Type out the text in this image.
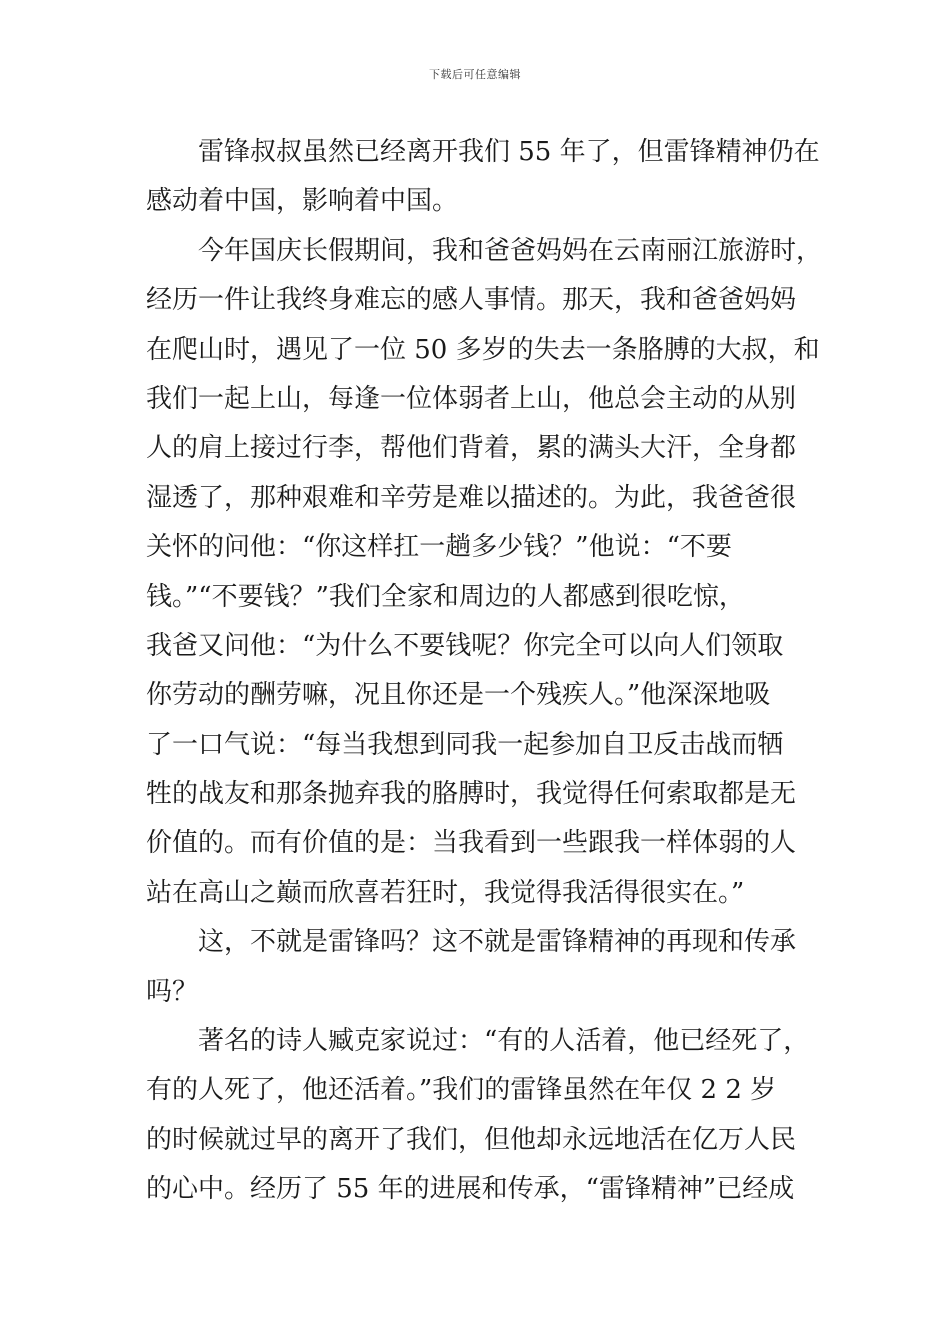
下载后可任意编辑
雷锋叔叔虽然已经离开我们 55 年了，但雷锋精神仍在
感动着中国，影响着中国。
今年国庆长假期间，我和爸爸妈妈在云南丽江旅游时，
经历一件让我终身难忘的感人事情。那天，我和爸爸妈妈
在爬山时，遇见了一位 50 多岁的失去一条胳膊的大叔，和
我们一起上山，每逢一位体弱者上山，他总会主动的从别
人的肩上接过行李，帮他们背着，累的满头大汗，全身都
湿透了，那种艰难和辛劳是难以描述的。为此，我爸爸很
关怀的问他：“你这样扛一趟多少钱？”他说：“不要
钱。”“不要钱？”我们全家和周边的人都感到很吃惊，
我爸又问他：“为什么不要钱呢？你完全可以向人们领取
你劳动的酬劳嘛，况且你还是一个残疾人。”他深深地吸
了一口气说：“每当我想到同我一起参加自卫反击战而牺
牲的战友和那条抛弃我的胳膊时，我觉得任何索取都是无
价值的。而有价值的是：当我看到一些跟我一样体弱的人
站在高山之巅而欣喜若狂时，我觉得我活得很实在。”
这，不就是雷锋吗？这不就是雷锋精神的再现和传承
吗？
著名的诗人臧克家说过：“有的人活着，他已经死了，
有的人死了，他还活着。”我们的雷锋虽然在年仅 2 2 岁
的时候就过早的离开了我们，但他却永远地活在亿万人民
的心中。经历了 55 年的进展和传承，“雷锋精神”已经成
